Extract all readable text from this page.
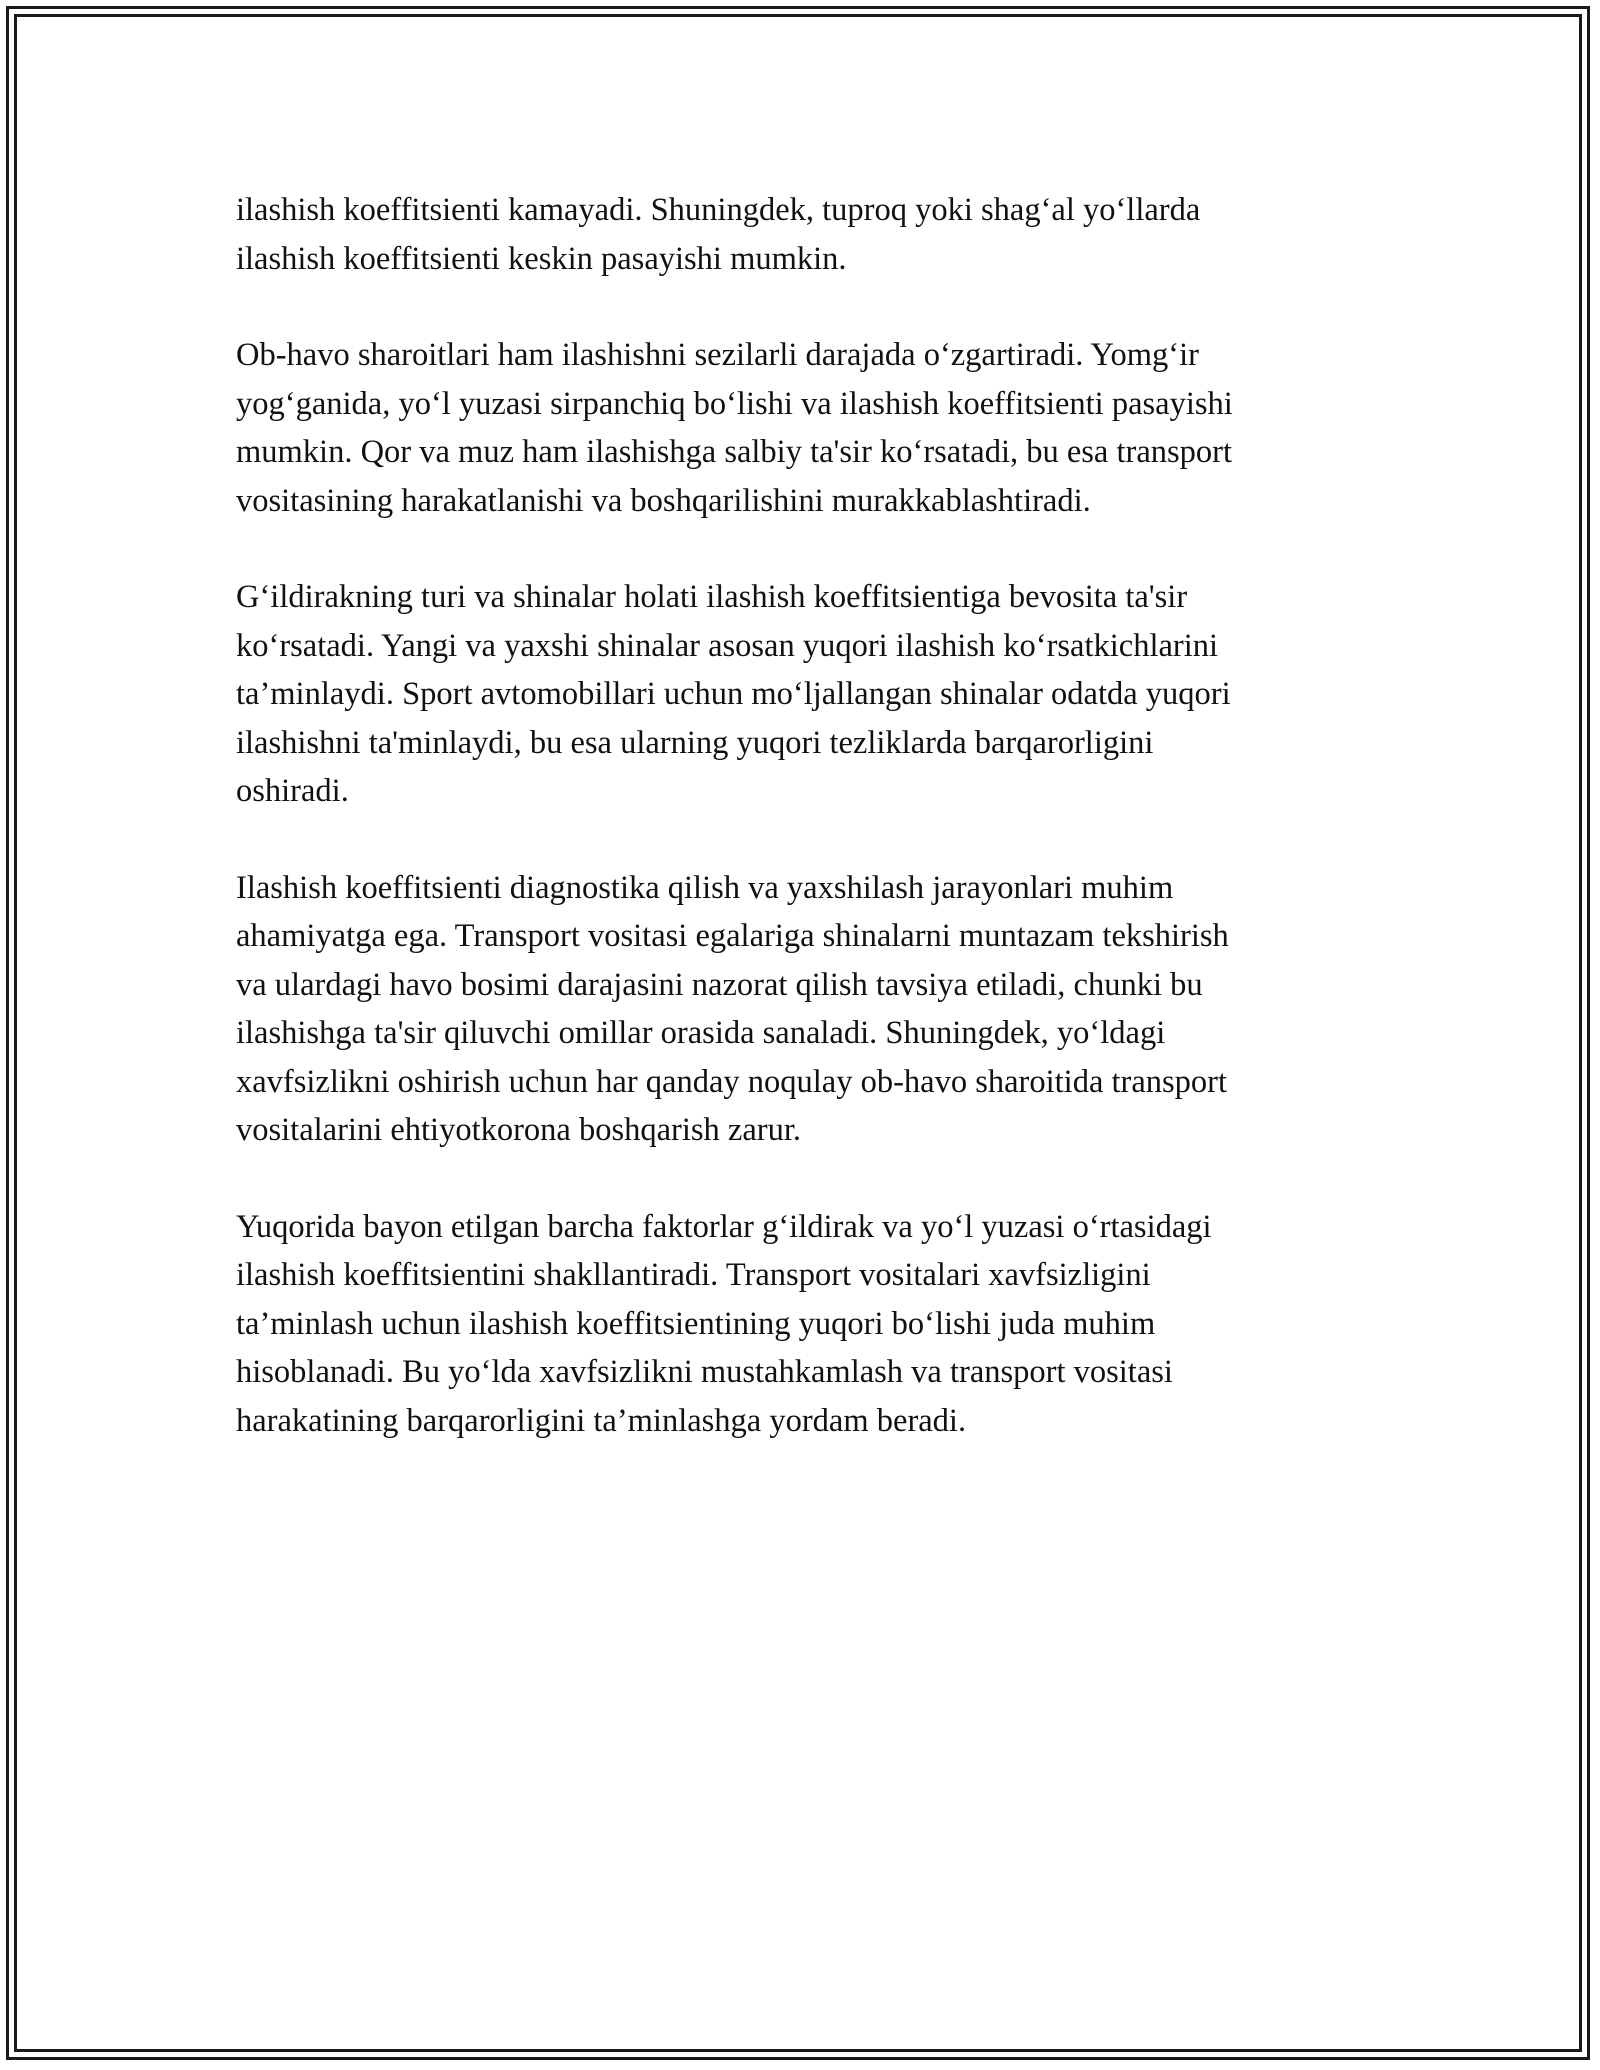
ilashish koeffitsienti kamayadi. Shuningdek, tuproq yoki shag‘al yo‘llarda
ilashish koeffitsienti keskin pasayishi mumkin.

Ob-havo sharoitlari ham ilashishni sezilarli darajada o‘zgartiradi. Yomg‘ir
yog‘ganida, yo‘l yuzasi sirpanchiq bo‘lishi va ilashish koeffitsienti pasayishi
mumkin. Qor va muz ham ilashishga salbiy ta'sir ko‘rsatadi, bu esa transport
vositasining harakatlanishi va boshqarilishini murakkablashtiradi.

G‘ildirakning turi va shinalar holati ilashish koeffitsientiga bevosita ta'sir
ko‘rsatadi. Yangi va yaxshi shinalar asosan yuqori ilashish ko‘rsatkichlarini
ta’minlaydi. Sport avtomobillari uchun mo‘ljallangan shinalar odatda yuqori
ilashishni ta'minlaydi, bu esa ularning yuqori tezliklarda barqarorligini
oshiradi.

Ilashish koeffitsienti diagnostika qilish va yaxshilash jarayonlari muhim
ahamiyatga ega. Transport vositasi egalariga shinalarni muntazam tekshirish
va ulardagi havo bosimi darajasini nazorat qilish tavsiya etiladi, chunki bu
ilashishga ta'sir qiluvchi omillar orasida sanaladi. Shuningdek, yo‘ldagi
xavfsizlikni oshirish uchun har qanday noqulay ob-havo sharoitida transport
vositalarini ehtiyotkorona boshqarish zarur.

Yuqorida bayon etilgan barcha faktorlar g‘ildirak va yo‘l yuzasi o‘rtasidagi
ilashish koeffitsientini shakllantiradi. Transport vositalari xavfsizligini
ta’minlash uchun ilashish koeffitsientining yuqori bo‘lishi juda muhim
hisoblanadi. Bu yo‘lda xavfsizlikni mustahkamlash va transport vositasi
harakatining barqarorligini ta’minlashga yordam beradi.
